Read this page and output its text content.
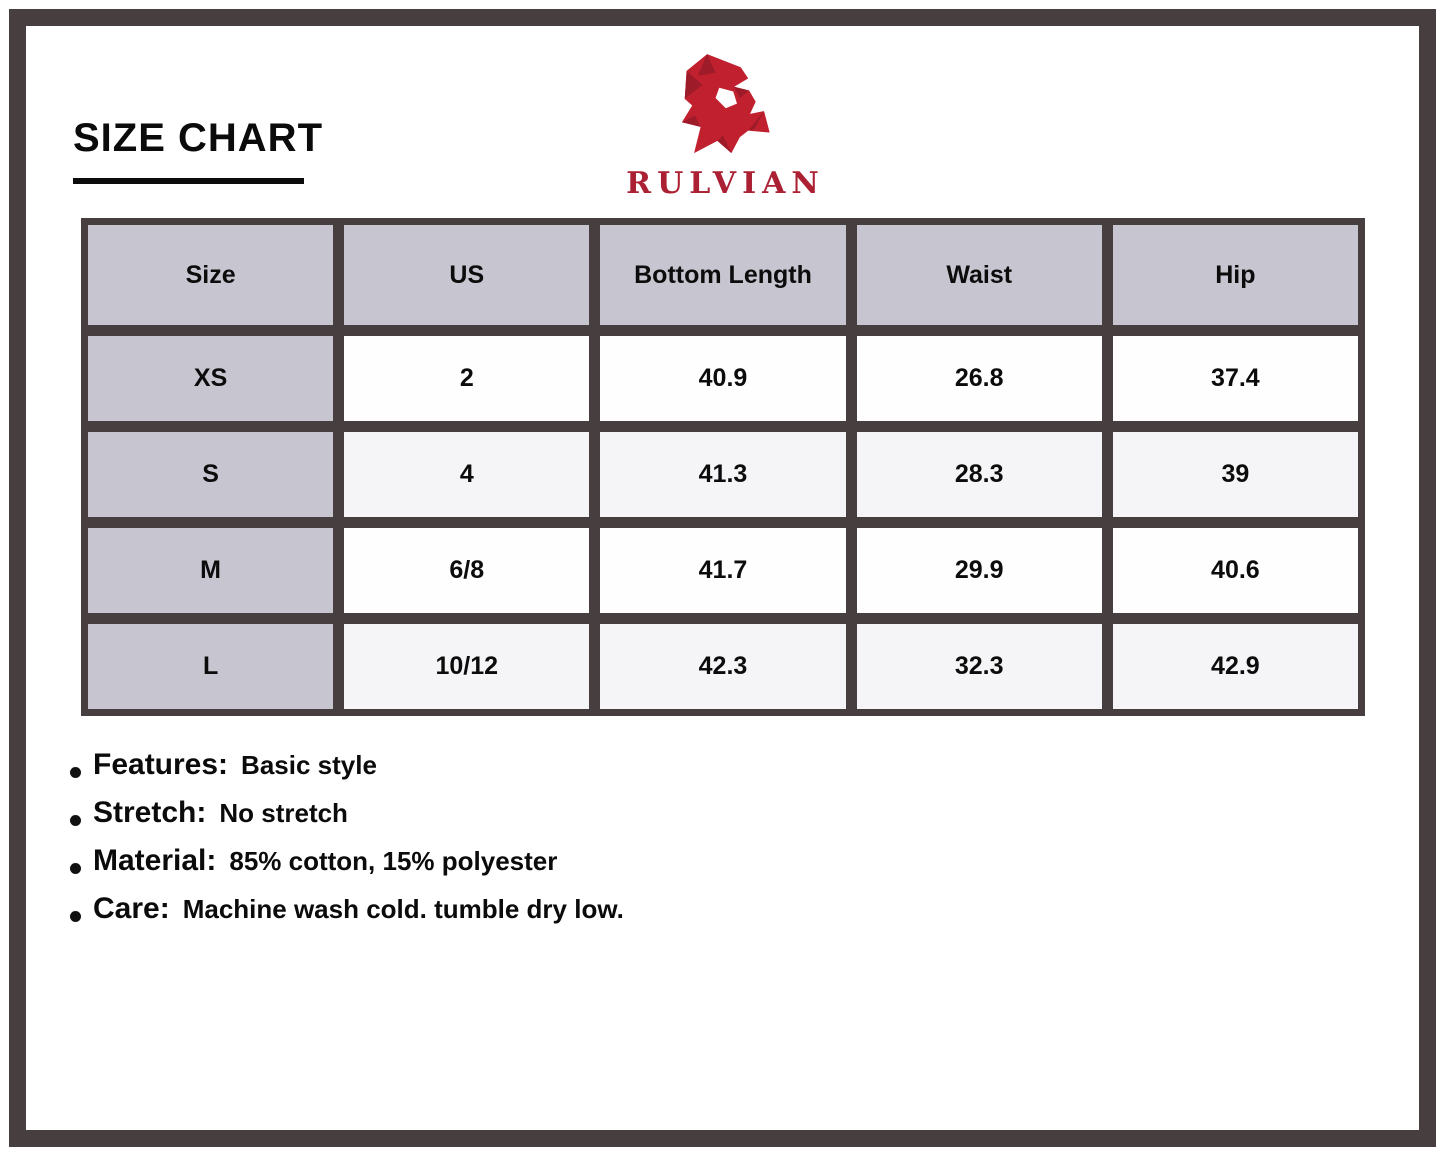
SIZE CHART
RULVIAN
Size	US	Bottom Length	Waist	Hip
XS	2	40.9	26.8	37.4
S	4	41.3	28.3	39
M	6/8	41.7	29.9	40.6
L	10/12	42.3	32.3	42.9
Features: Basic style
Stretch: No stretch
Material: 85% cotton, 15% polyester
Care: Machine wash cold. tumble dry low.
